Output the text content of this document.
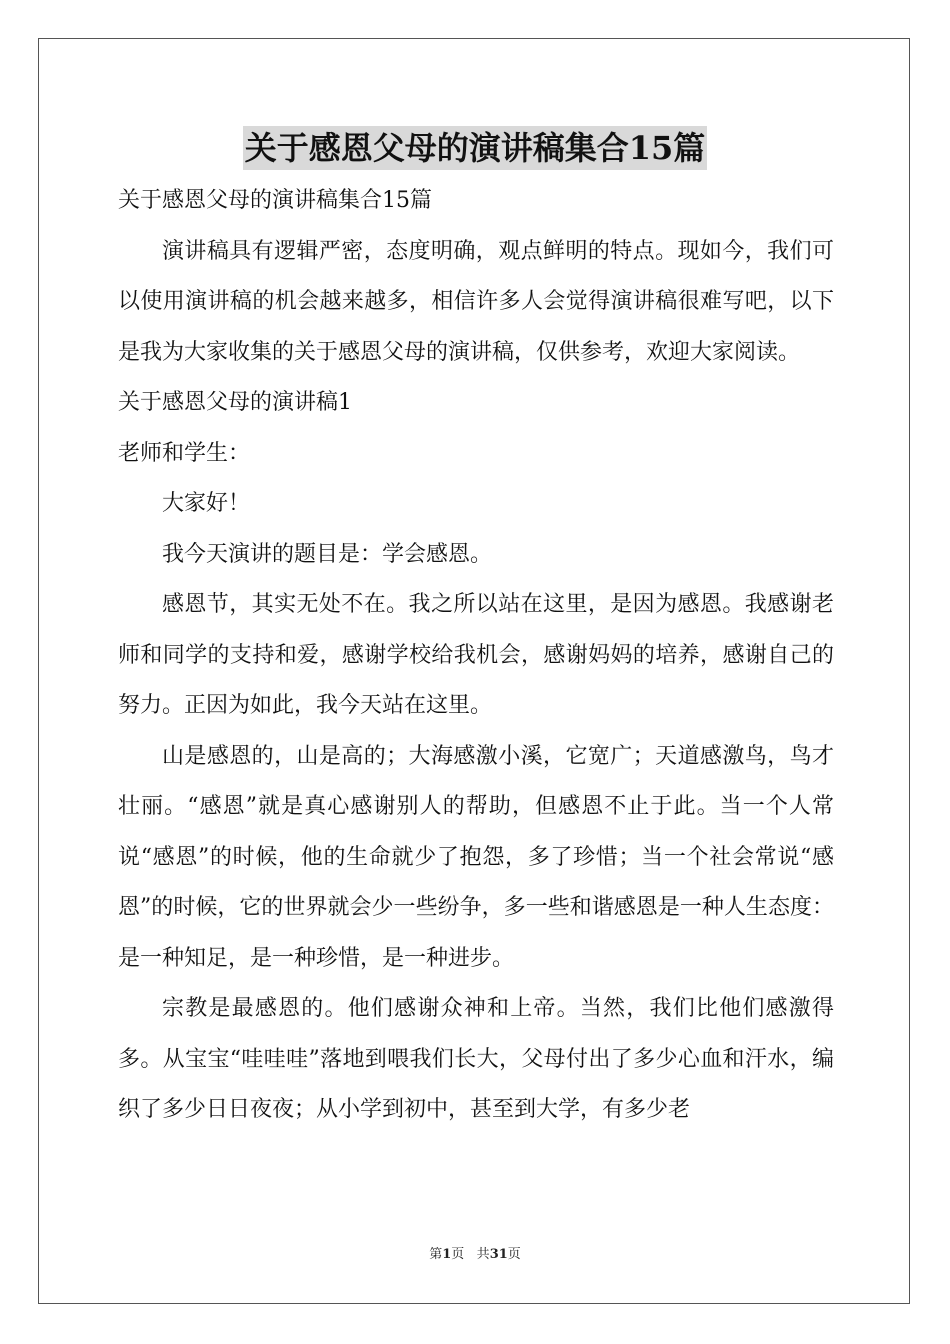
关于感恩父母的演讲稿集合15篇

关于感恩父母的演讲稿集合15篇

演讲稿具有逻辑严密，态度明确，观点鲜明的特点。现如今，我们可以使用演讲稿的机会越来越多，相信许多人会觉得演讲稿很难写吧，以下是我为大家收集的关于感恩父母的演讲稿，仅供参考，欢迎大家阅读。

关于感恩父母的演讲稿1

老师和学生：

大家好！

我今天演讲的题目是：学会感恩。

感恩节，其实无处不在。我之所以站在这里，是因为感恩。我感谢老师和同学的支持和爱，感谢学校给我机会，感谢妈妈的培养，感谢自己的努力。正因为如此，我今天站在这里。

山是感恩的，山是高的；大海感激小溪，它宽广；天道感激鸟，鸟才壮丽。“感恩”就是真心感谢别人的帮助，但感恩不止于此。当一个人常说“感恩”的时候，他的生命就少了抱怨，多了珍惜；当一个社会常说“感恩”的时候，它的世界就会少一些纷争，多一些和谐感恩是一种人生态度：是一种知足，是一种珍惜，是一种进步。

宗教是最感恩的。他们感谢众神和上帝。当然，我们比他们感激得多。从宝宝“哇哇哇”落地到喂我们长大，父母付出了多少心血和汗水，编织了多少日日夜夜；从小学到初中，甚至到大学，有多少老

第1页 共31页
